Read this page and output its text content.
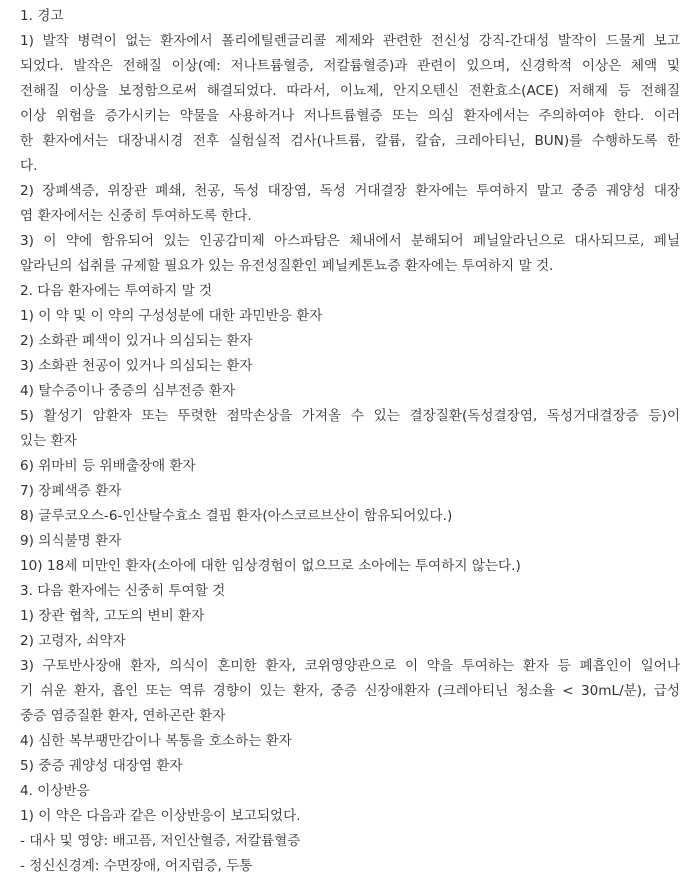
1. 경고
1) 발작 병력이 없는 환자에서 폴리에틸렌글리콜 제제와 관련한 전신성 강직-간대성 발작이 드물게 보고
되었다. 발작은 전해질 이상(예: 저나트륨혈증, 저칼륨혈증)과 관련이 있으며, 신경학적 이상은 체액 및
전해질 이상을 보정함으로써 해결되었다. 따라서, 이뇨제, 안지오텐신 전환효소(ACE) 저해제 등 전해질
이상 위험을 증가시키는 약물을 사용하거나 저나트륨혈증 또는 의심 환자에서는 주의하여야 한다. 이러
한 환자에서는 대장내시경 전후 실험실적 검사(나트륨, 칼륨, 칼슘, 크레아티닌, BUN)를 수행하도록 한
다.
2) 장폐색증, 위장관 폐쇄, 천공, 독성 대장염, 독성 거대결장 환자에는 투여하지 말고 중증 궤양성 대장
염 환자에서는 신중히 투여하도록 한다.
3) 이 약에 함유되어 있는 인공감미제 아스파탐은 체내에서 분해되어 페닐알라닌으로 대사되므로, 페닐
알라닌의 섭취를 규제할 필요가 있는 유전성질환인 페닐케톤뇨증 환자에는 투여하지 말 것.
2. 다음 환자에는 투여하지 말 것
1) 이 약 및 이 약의 구성성분에 대한 과민반응 환자
2) 소화관 폐색이 있거나 의심되는 환자
3) 소화관 천공이 있거나 의심되는 환자
4) 탈수증이나 중증의 심부전증 환자
5) 활성기 암환자 또는 뚜렷한 점막손상을 가져올 수 있는 결장질환(독성결장염, 독성거대결장증 등)이
있는 환자
6) 위마비 등 위배출장애 환자
7) 장폐색증 환자
8) 글루코오스-6-인산탈수효소 결핍 환자(아스코르브산이 함유되어있다.)
9) 의식불명 환자
10) 18세 미만인 환자(소아에 대한 임상경험이 없으므로 소아에는 투여하지 않는다.)
3. 다음 환자에는 신중히 투여할 것
1) 장관 협착, 고도의 변비 환자
2) 고령자, 쇠약자
3) 구토반사장애 환자, 의식이 혼미한 환자, 코위영양관으로 이 약을 투여하는 환자 등 폐흡인이 일어나
기 쉬운 환자, 흡인 또는 역류 경향이 있는 환자, 중증 신장애환자 (크레아티닌 청소율 < 30mL/분), 급성
중증 염증질환 환자, 연하곤란 환자
4) 심한 복부팽만감이나 복통을 호소하는 환자
5) 중증 궤양성 대장염 환자
4. 이상반응
1) 이 약은 다음과 같은 이상반응이 보고되었다.
- 대사 및 영양: 배고픔, 저인산혈증, 저칼륨혈증
- 정신신경계: 수면장애, 어지럼증, 두통
